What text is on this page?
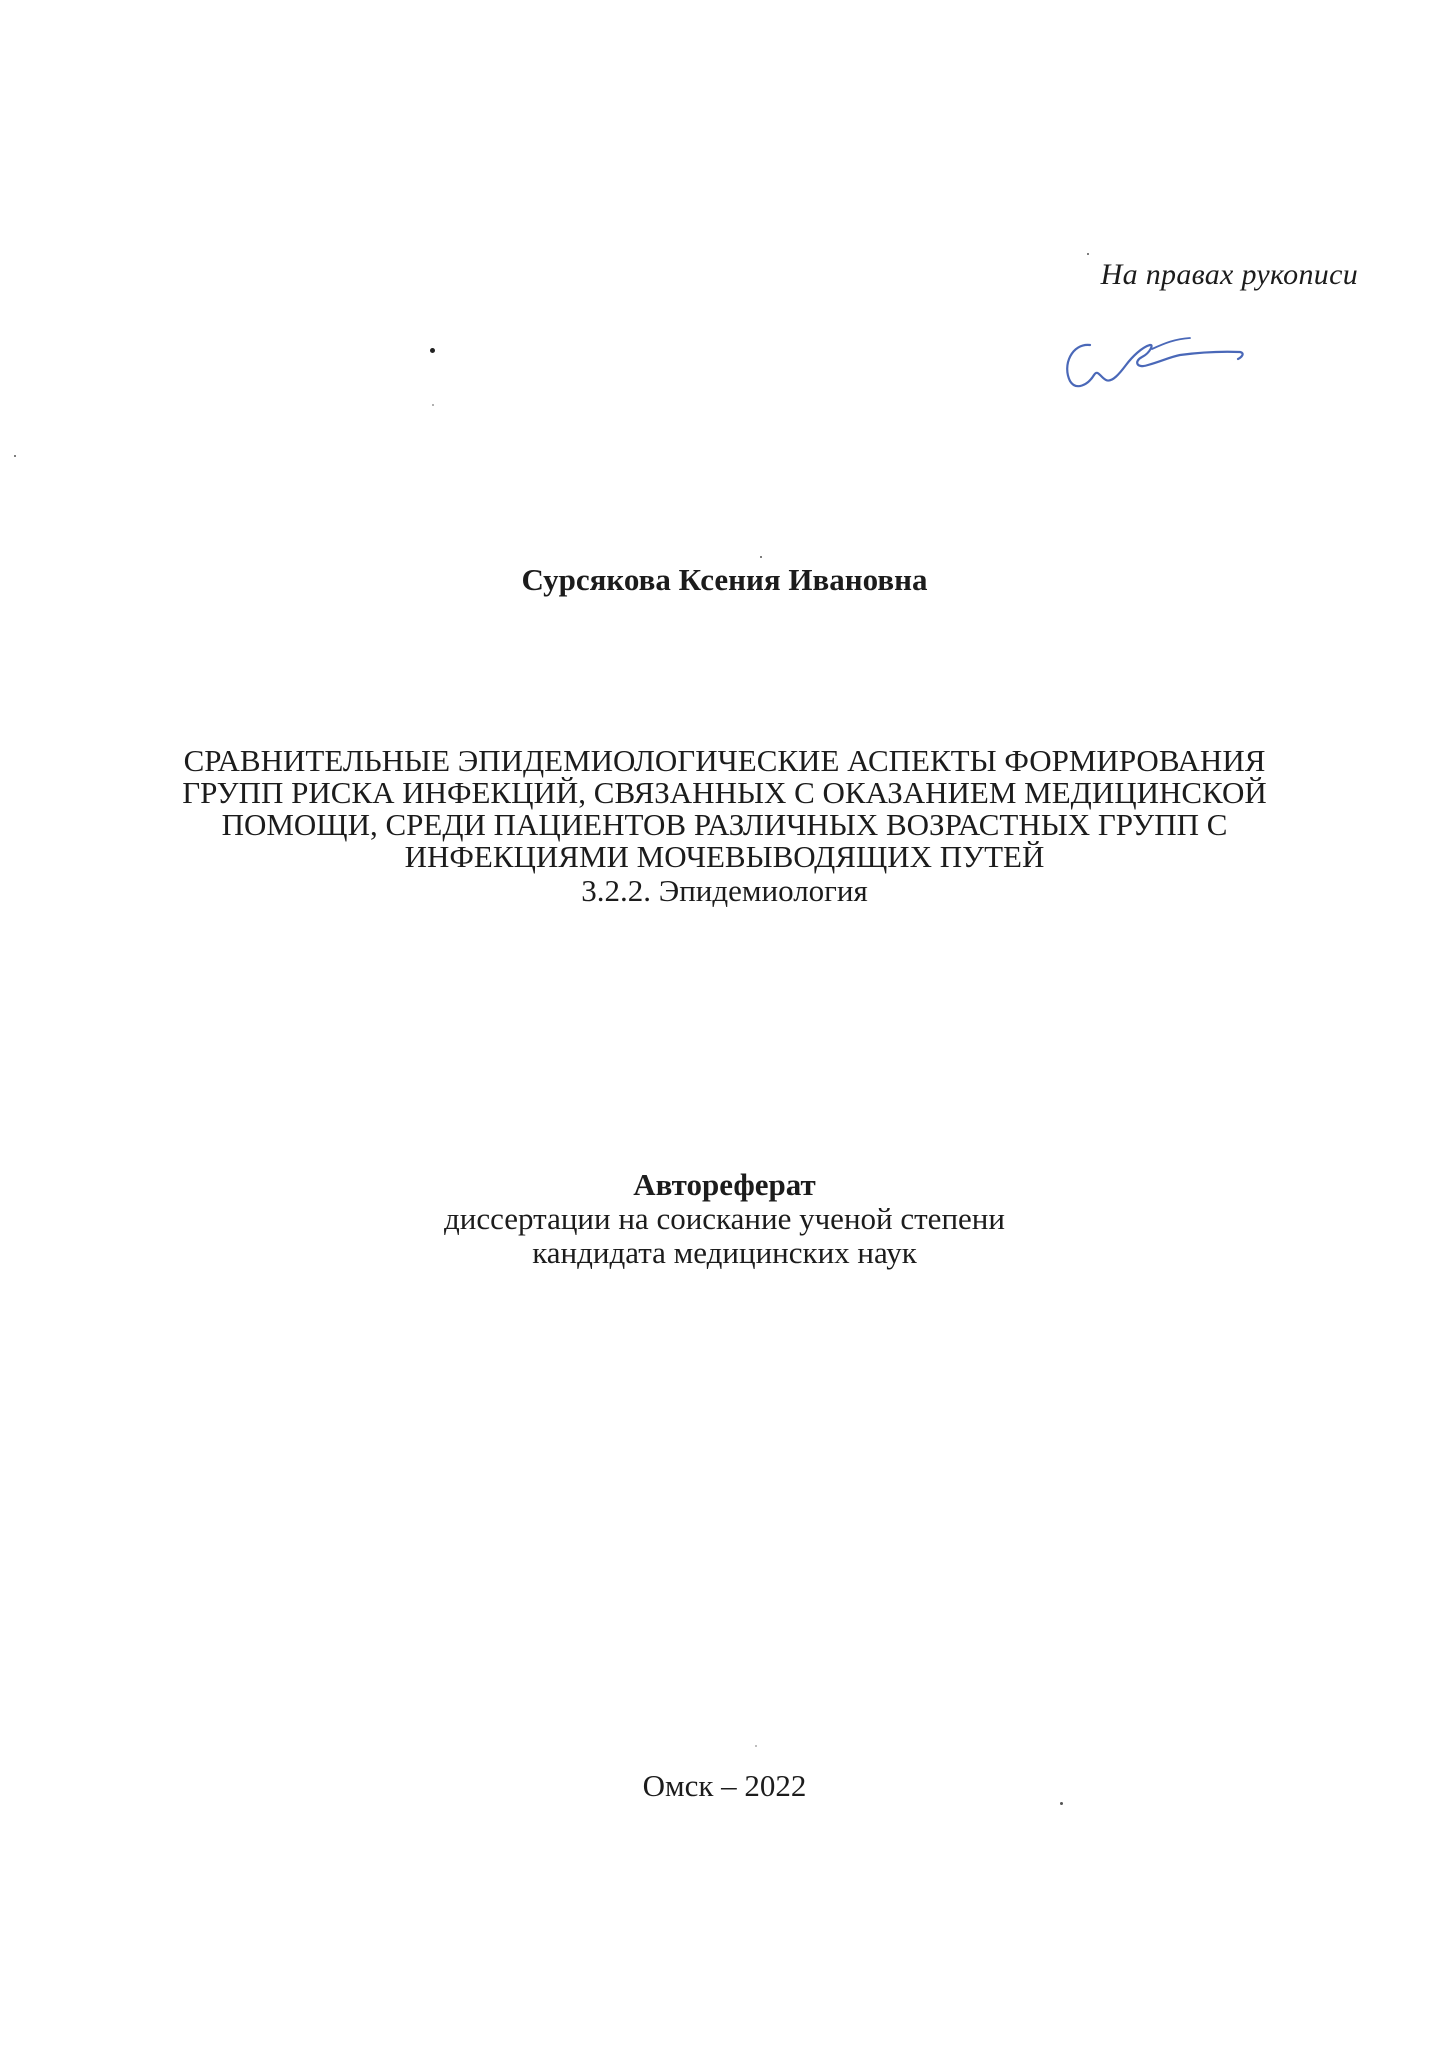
На правах рукописи
Сурсякова Ксения Ивановна
СРАВНИТЕЛЬНЫЕ ЭПИДЕМИОЛОГИЧЕСКИЕ АСПЕКТЫ ФОРМИРОВАНИЯ
ГРУПП РИСКА ИНФЕКЦИЙ, СВЯЗАННЫХ С ОКАЗАНИЕМ МЕДИЦИНСКОЙ
ПОМОЩИ, СРЕДИ ПАЦИЕНТОВ РАЗЛИЧНЫХ ВОЗРАСТНЫХ ГРУПП С
ИНФЕКЦИЯМИ МОЧЕВЫВОДЯЩИХ ПУТЕЙ
3.2.2. Эпидемиология
Автореферат
диссертации на соискание ученой степени
кандидата медицинских наук
Омск – 2022
